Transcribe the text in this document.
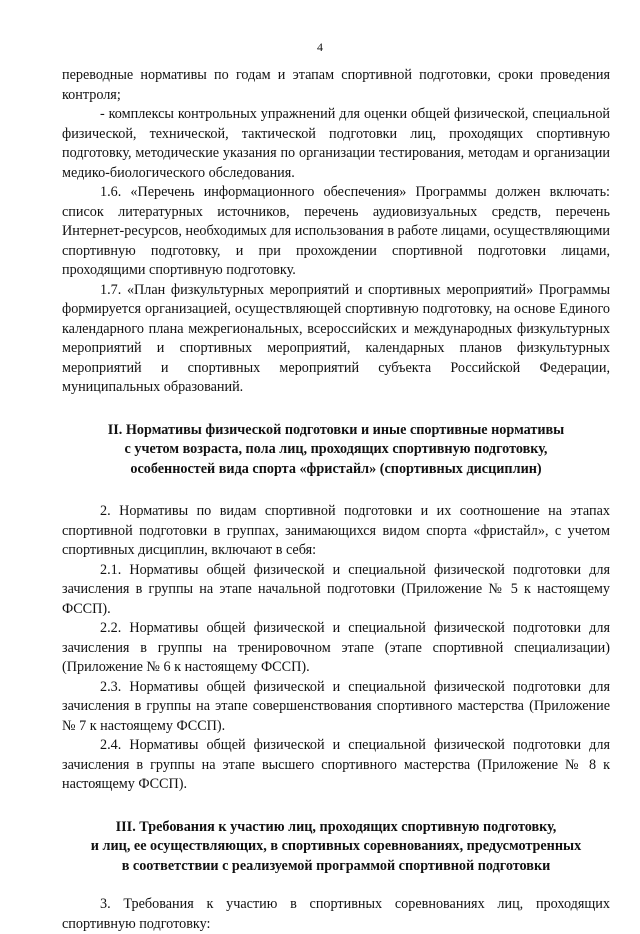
4

переводные нормативы по годам и этапам спортивной подготовки, сроки проведения контроля;

- комплексы контрольных упражнений для оценки общей физической, специальной физической, технической, тактической подготовки лиц, проходящих спортивную подготовку, методические указания по организации тестирования, методам и организации медико-биологического обследования.

1.6. «Перечень информационного обеспечения» Программы должен включать: список литературных источников, перечень аудиовизуальных средств, перечень Интернет-ресурсов, необходимых для использования в работе лицами, осуществляющими спортивную подготовку, и при прохождении спортивной подготовки лицами, проходящими спортивную подготовку.

1.7. «План физкультурных мероприятий и спортивных мероприятий» Программы формируется организацией, осуществляющей спортивную подготовку, на основе Единого календарного плана межрегиональных, всероссийских и международных физкультурных мероприятий и спортивных мероприятий, календарных планов физкультурных мероприятий и спортивных мероприятий субъекта Российской Федерации, муниципальных образований.

II. Нормативы физической подготовки и иные спортивные нормативы
с учетом возраста, пола лиц, проходящих спортивную подготовку,
особенностей вида спорта «фристайл» (спортивных дисциплин)

2. Нормативы по видам спортивной подготовки и их соотношение на этапах спортивной подготовки в группах, занимающихся видом спорта «фристайл», с учетом спортивных дисциплин, включают в себя:

2.1. Нормативы общей физической и специальной физической подготовки для зачисления в группы на этапе начальной подготовки (Приложение № 5 к настоящему ФССП).

2.2. Нормативы общей физической и специальной физической подготовки для зачисления в группы на тренировочном этапе (этапе спортивной специализации) (Приложение № 6 к настоящему ФССП).

2.3. Нормативы общей физической и специальной физической подготовки для зачисления в группы на этапе совершенствования спортивного мастерства (Приложение № 7 к настоящему ФССП).

2.4. Нормативы общей физической и специальной физической подготовки для зачисления в группы на этапе высшего спортивного мастерства (Приложение № 8 к настоящему ФССП).

III. Требования к участию лиц, проходящих спортивную подготовку,
и лиц, ее осуществляющих, в спортивных соревнованиях, предусмотренных
в соответствии с реализуемой программой спортивной подготовки

3. Требования к участию в спортивных соревнованиях лиц, проходящих спортивную подготовку:
